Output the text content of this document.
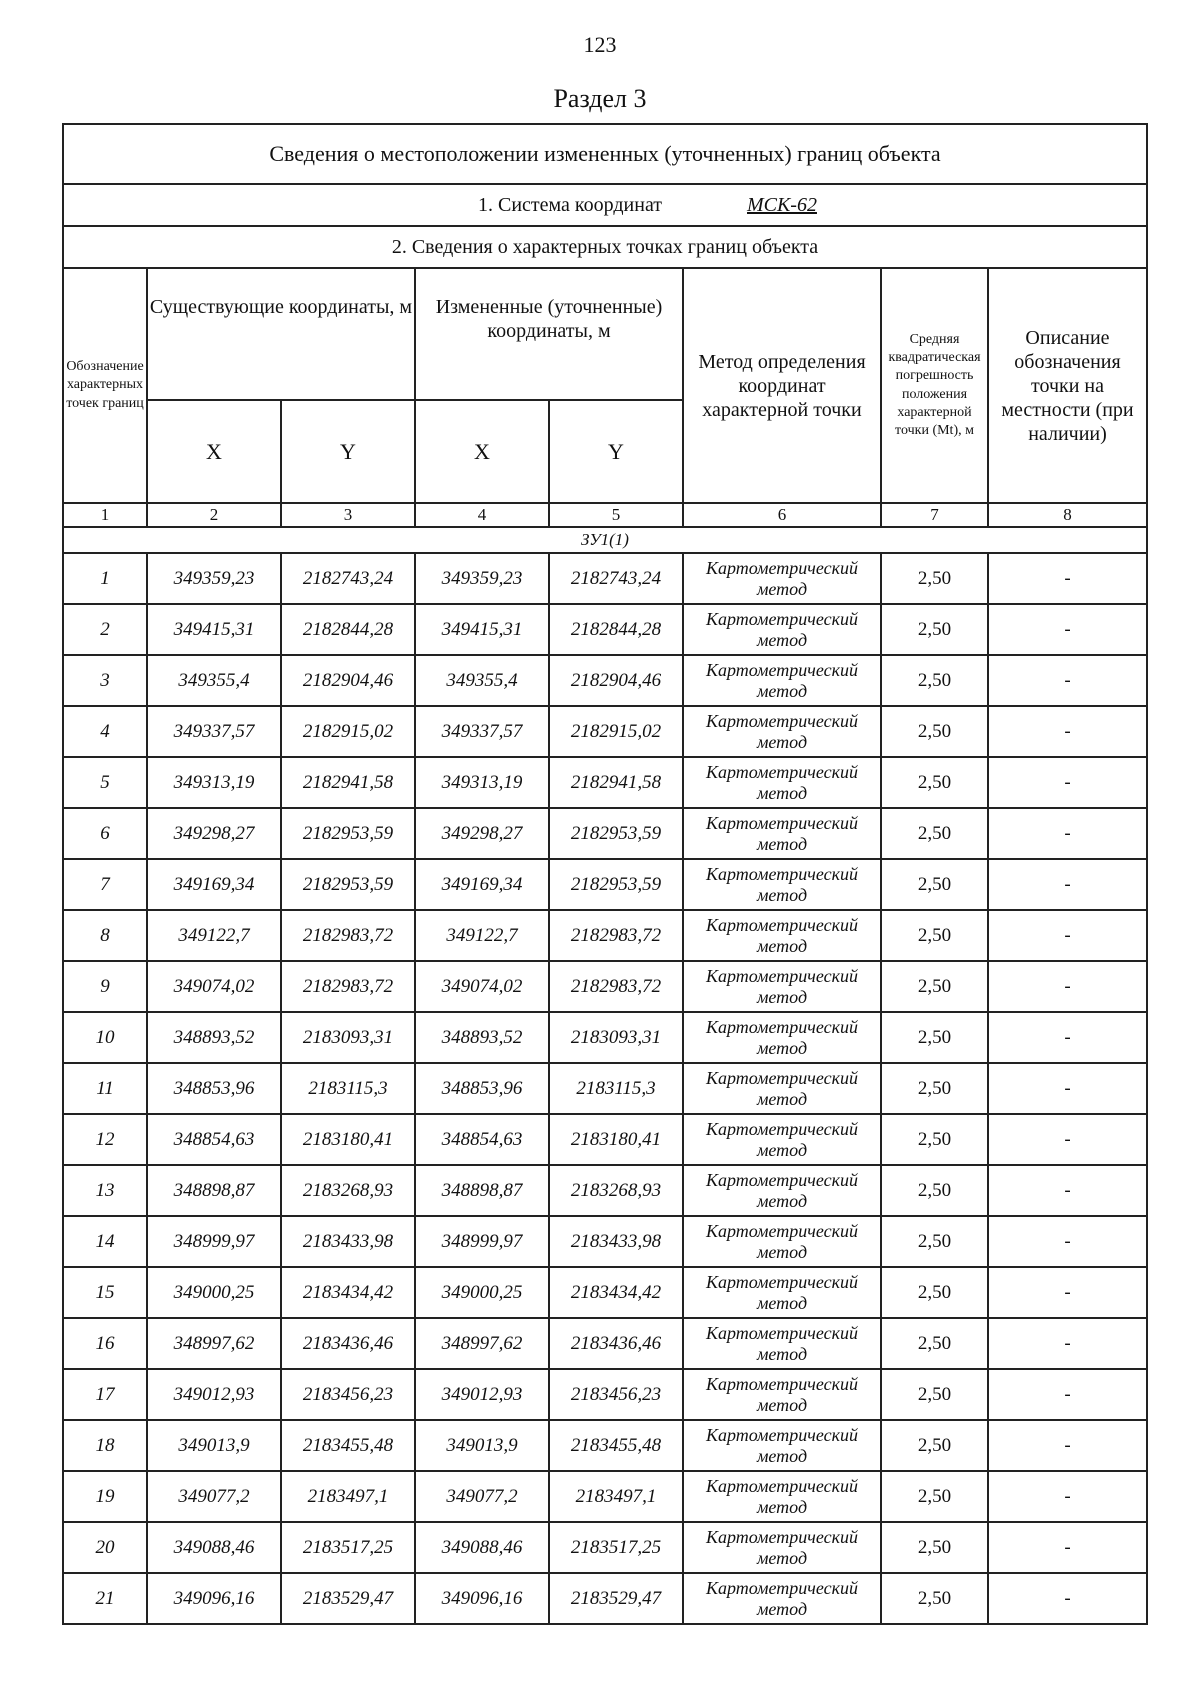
123
Раздел 3
Сведения о местоположении измененных (уточненных) границ объекта							
1. Система координат МСК-62							
2. Сведения о характерных точках границ объекта							
Обозначение характерных точек границ	Существующие координаты, м		Измененные (уточненные) координаты, м		Метод определения координат характерной точки	Средняя квадратическая погрешность положения характерной точки (Mt), м	Описание обозначения точки на местности (при наличии)
	X	Y	X	Y			
1	2	3	4	5	6	7	8
ЗУ1(1)							
1	349359,23	2182743,24	349359,23	2182743,24	Картометрический метод	2,50	-
2	349415,31	2182844,28	349415,31	2182844,28	Картометрический метод	2,50	-
3	349355,4	2182904,46	349355,4	2182904,46	Картометрический метод	2,50	-
4	349337,57	2182915,02	349337,57	2182915,02	Картометрический метод	2,50	-
5	349313,19	2182941,58	349313,19	2182941,58	Картометрический метод	2,50	-
6	349298,27	2182953,59	349298,27	2182953,59	Картометрический метод	2,50	-
7	349169,34	2182953,59	349169,34	2182953,59	Картометрический метод	2,50	-
8	349122,7	2182983,72	349122,7	2182983,72	Картометрический метод	2,50	-
9	349074,02	2182983,72	349074,02	2182983,72	Картометрический метод	2,50	-
10	348893,52	2183093,31	348893,52	2183093,31	Картометрический метод	2,50	-
11	348853,96	2183115,3	348853,96	2183115,3	Картометрический метод	2,50	-
12	348854,63	2183180,41	348854,63	2183180,41	Картометрический метод	2,50	-
13	348898,87	2183268,93	348898,87	2183268,93	Картометрический метод	2,50	-
14	348999,97	2183433,98	348999,97	2183433,98	Картометрический метод	2,50	-
15	349000,25	2183434,42	349000,25	2183434,42	Картометрический метод	2,50	-
16	348997,62	2183436,46	348997,62	2183436,46	Картометрический метод	2,50	-
17	349012,93	2183456,23	349012,93	2183456,23	Картометрический метод	2,50	-
18	349013,9	2183455,48	349013,9	2183455,48	Картометрический метод	2,50	-
19	349077,2	2183497,1	349077,2	2183497,1	Картометрический метод	2,50	-
20	349088,46	2183517,25	349088,46	2183517,25	Картометрический метод	2,50	-
21	349096,16	2183529,47	349096,16	2183529,47	Картометрический метод	2,50	-
